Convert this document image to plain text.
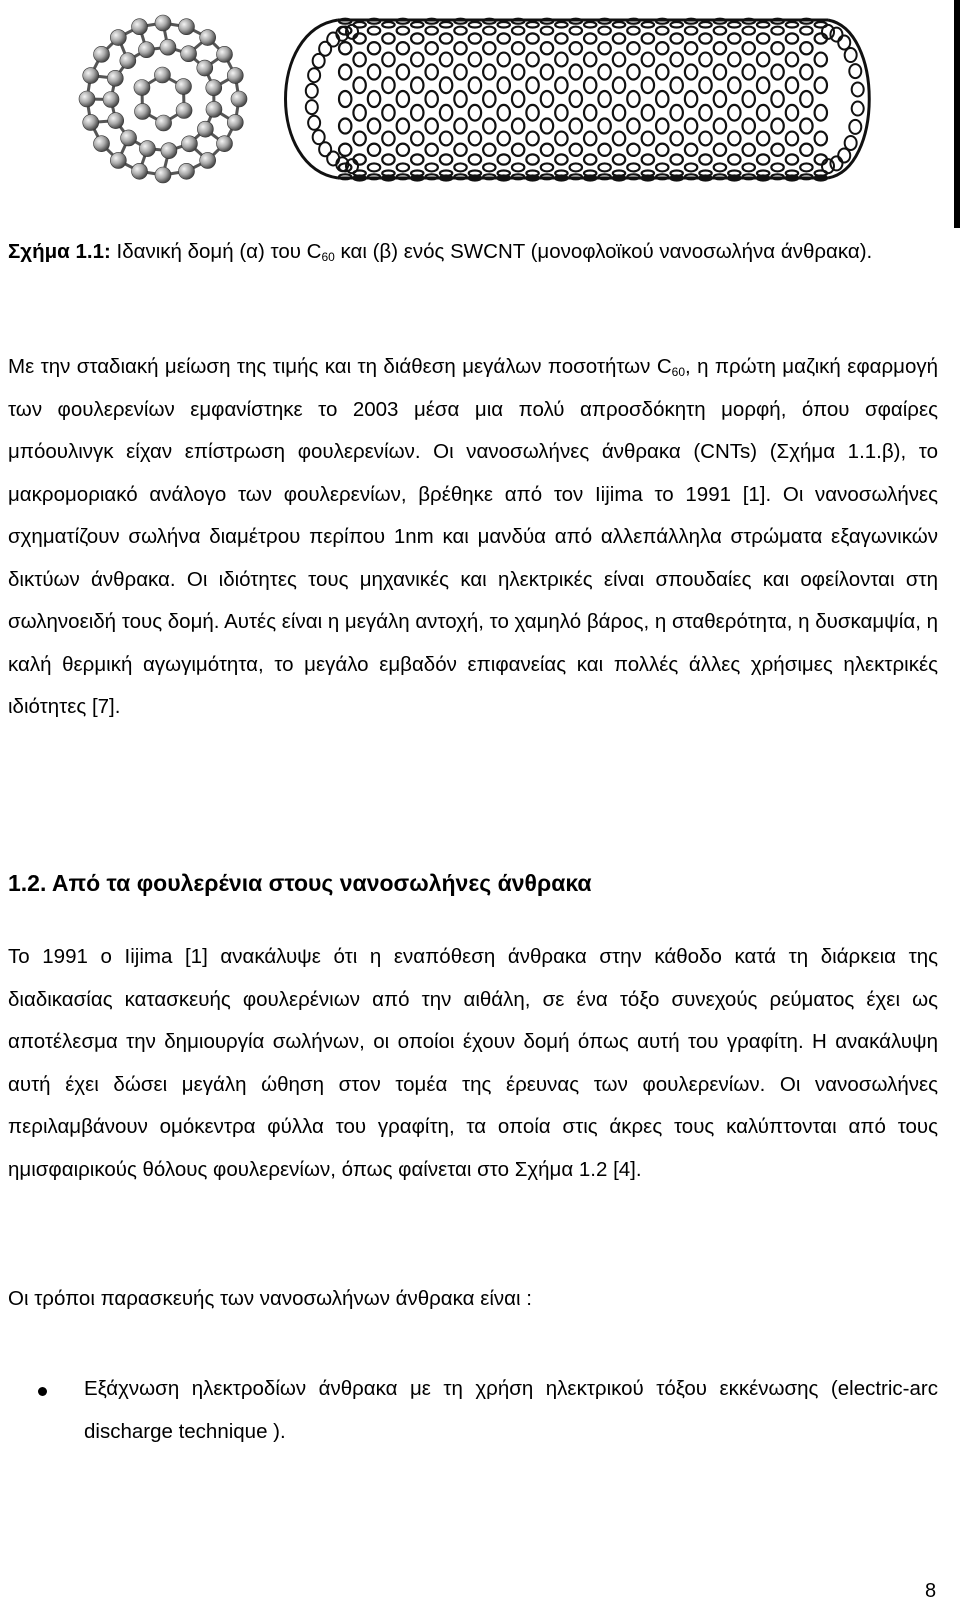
Σχήμα 1.1: Ιδανική δομή (α) του $C_{60}$ και (β) ενός SWCNT (μονοφλοϊκού νανοσωλήνα άνθρακα).
Με την σταδιακή μείωση της τιμής και τη διάθεση μεγάλων ποσοτήτων $C_{60}$, η πρώτη μαζική εφαρμογή των φουλερενίων εμφανίστηκε το 2003 μέσα μια πολύ απροσδόκητη μορφή, όπου σφαίρες μπόουλινγκ είχαν επίστρωση φουλερενίων. Οι νανοσωλήνες άνθρακα (CNTs) (Σχήμα 1.1.β), το μακρομοριακό ανάλογο των φουλερενίων, βρέθηκε από τον Iijima το 1991 [1]. Οι νανοσωλήνες σχηματίζουν σωλήνα διαμέτρου περίπου 1nm και μανδύα από αλλεπάλληλα στρώματα εξαγωνικών δικτύων άνθρακα. Οι ιδιότητες τους μηχανικές και ηλεκτρικές είναι σπουδαίες και οφείλονται στη σωληνοειδή τους δομή. Αυτές είναι η μεγάλη αντοχή, το χαμηλό βάρος, η σταθερότητα, η δυσκαμψία, η καλή θερμική αγωγιμότητα, το μεγάλο εμβαδόν επιφανείας και πολλές άλλες χρήσιμες ηλεκτρικές ιδιότητες [7].
1.2. Από τα φουλερένια στους νανοσωλήνες άνθρακα
Το 1991 ο Iijima [1] ανακάλυψε ότι η εναπόθεση άνθρακα στην κάθοδο κατά τη διάρκεια της διαδικασίας κατασκευής φουλερένιων από την αιθάλη, σε ένα τόξο συνεχούς ρεύματος έχει ως αποτέλεσμα την δημιουργία σωλήνων, οι οποίοι έχουν δομή όπως αυτή του γραφίτη. Η ανακάλυψη αυτή έχει δώσει μεγάλη ώθηση στον τομέα της έρευνας των φουλερενίων. Οι νανοσωλήνες περιλαμβάνουν ομόκεντρα φύλλα του γραφίτη, τα οποία στις άκρες τους καλύπτονται από τους ημισφαιρικούς θόλους φουλερενίων, όπως φαίνεται στο Σχήμα 1.2 [4].
Οι τρόποι παρασκευής των νανοσωλήνων άνθρακα είναι :
Εξάχνωση ηλεκτροδίων άνθρακα με τη χρήση ηλεκτρικού τόξου εκκένωσης (electric-arc discharge technique ).
8
